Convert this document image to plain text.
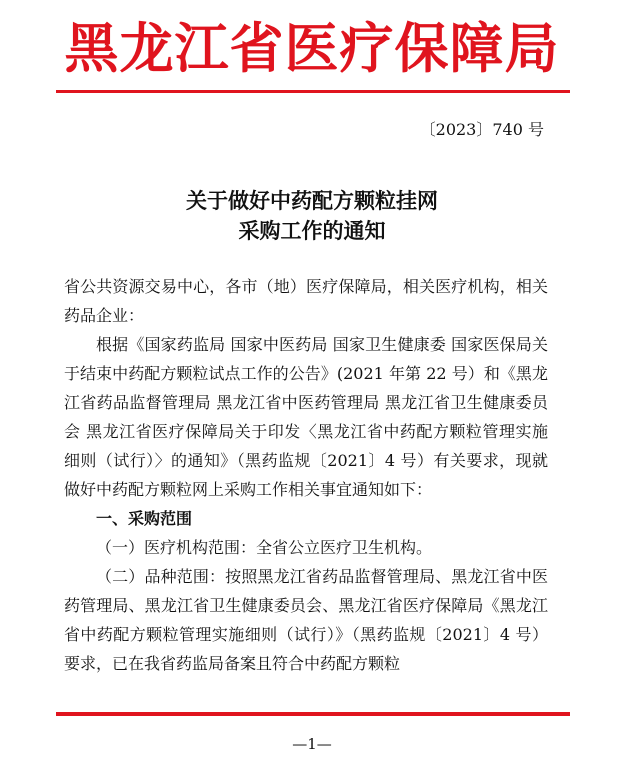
黑龙江省医疗保障局
〔2023〕740 号
关于做好中药配方颗粒挂网
采购工作的通知

省公共资源交易中心，各市（地）医疗保障局，相关医疗机构，相关药品企业：

根据《国家药监局 国家中医药局 国家卫生健康委 国家医保局关于结束中药配方颗粒试点工作的公告》(2021 年第 22 号）和《黑龙江省药品监督管理局 黑龙江省中医药管理局 黑龙江省卫生健康委员会 黑龙江省医疗保障局关于印发〈黑龙江省中药配方颗粒管理实施细则（试行）〉的通知》（黑药监规〔2021〕4 号）有关要求，现就做好中药配方颗粒网上采购工作相关事宜通知如下：

一、采购范围

（一）医疗机构范围：全省公立医疗卫生机构。

（二）品种范围：按照黑龙江省药品监督管理局、黑龙江省中医药管理局、黑龙江省卫生健康委员会、黑龙江省医疗保障局《黑龙江省中药配方颗粒管理实施细则（试行）》（黑药监规〔2021〕4 号）要求，已在我省药监局备案且符合中药配方颗粒

—1—
